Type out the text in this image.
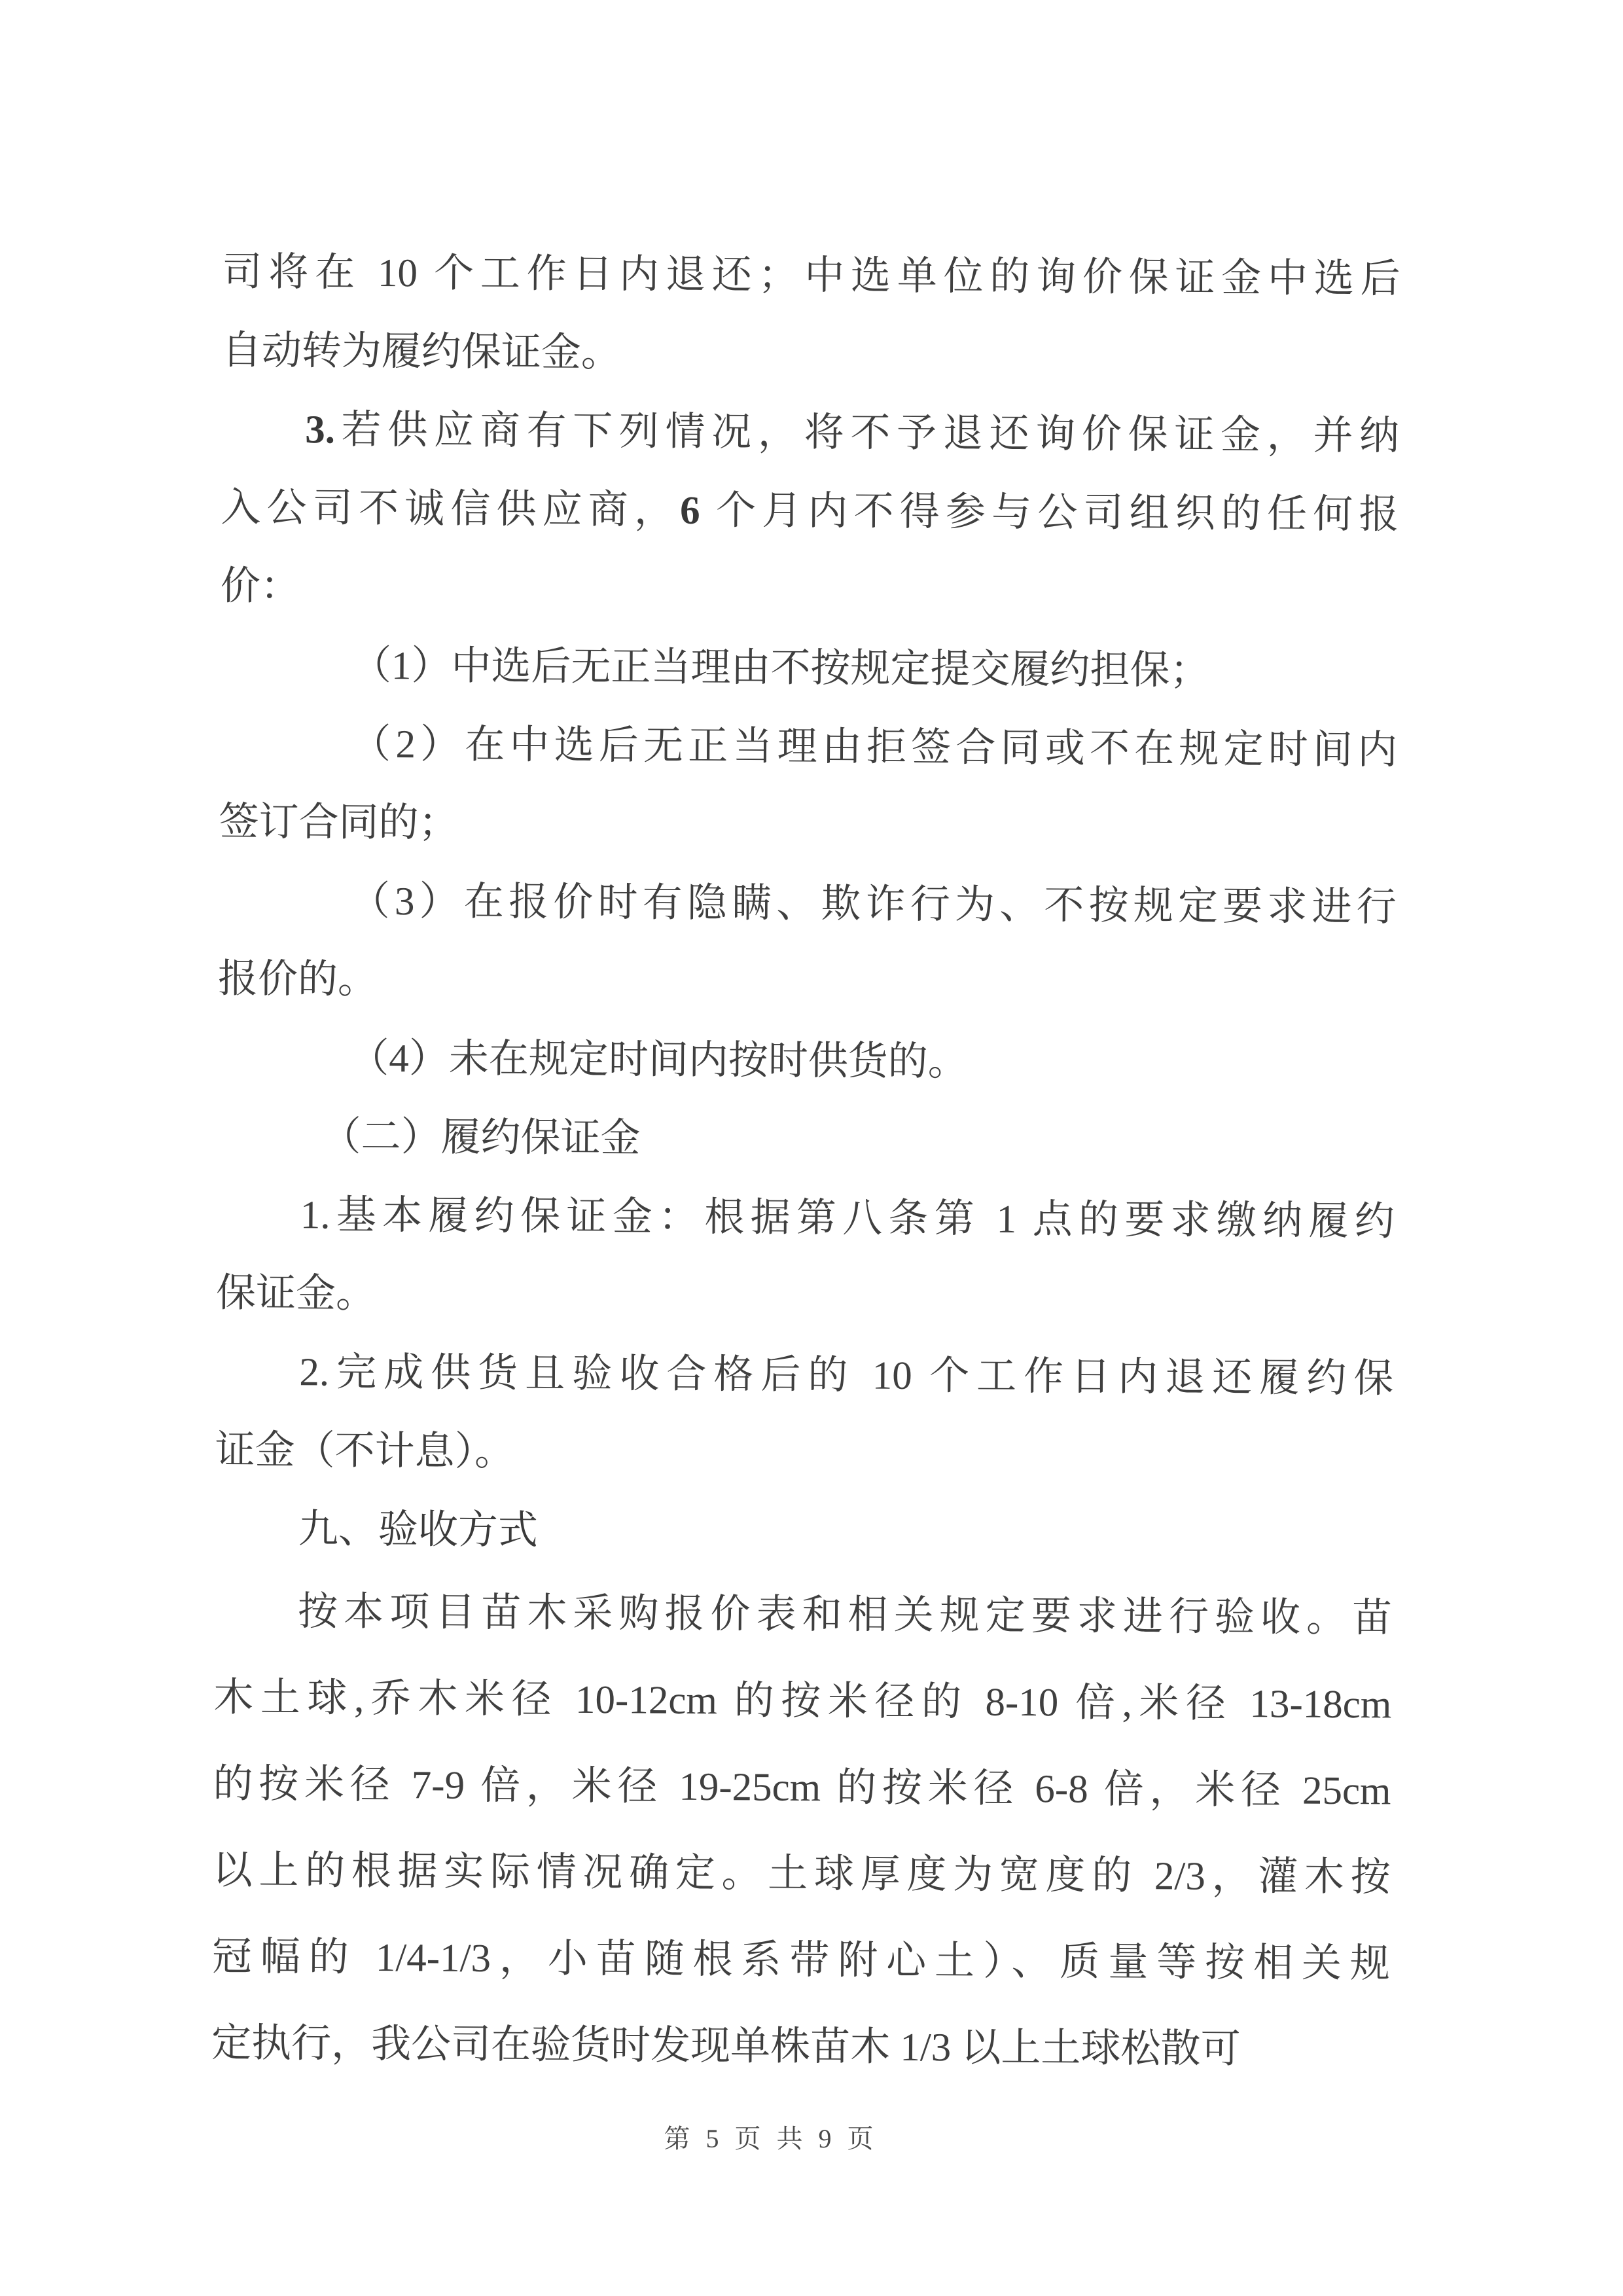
司将在 10 个工作日内退还；中选单位的询价保证金中选后

自动转为履约保证金。

3.若供应商有下列情况，将不予退还询价保证金，并纳

入公司不诚信供应商，6 个月内不得参与公司组织的任何报

价：

（1）中选后无正当理由不按规定提交履约担保；

（2）在中选后无正当理由拒签合同或不在规定时间内

签订合同的；

（3）在报价时有隐瞒、欺诈行为、不按规定要求进行

报价的。

（4）未在规定时间内按时供货的。

（二）履约保证金

1.基本履约保证金：根据第八条第 1 点的要求缴纳履约

保证金。

2.完成供货且验收合格后的 10 个工作日内退还履约保

证金（不计息）。

九、验收方式

按本项目苗木采购报价表和相关规定要求进行验收。苗

木土球,乔木米径 10-12cm 的按米径的 8-10 倍,米径 13-18cm

的按米径 7-9 倍，米径 19-25cm 的按米径 6-8 倍，米径 25cm

以上的根据实际情况确定。土球厚度为宽度的 2/3，灌木按

冠幅的 1/4-1/3，小苗随根系带附心土）、质量等按相关规

定执行，我公司在验货时发现单株苗木 1/3 以上土球松散可

第 5 页 共 9 页
